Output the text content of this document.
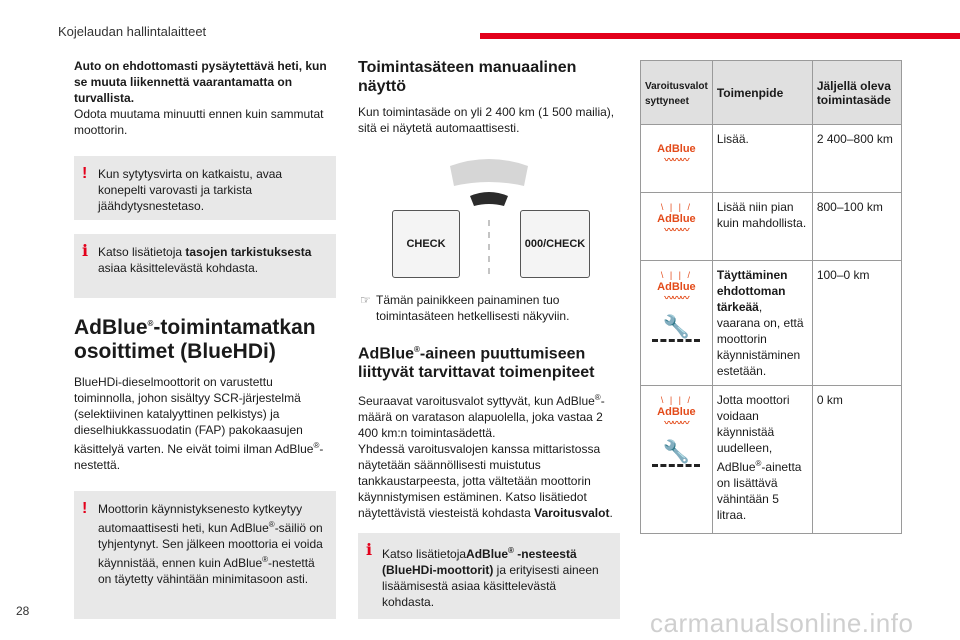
Kojelaudan hallintalaitteet

Auto on ehdottomasti pysäytettävä heti, kun se muuta liikennettä vaarantamatta on turvallista.

Odota muutama minuutti ennen kuin sammutat moottorin.

! Kun sytytysvirta on katkaistu, avaa konepelti varovasti ja tarkista jäähdytysnestetaso.
i Katso lisätietoja tasojen tarkistuksesta asiaa käsittelevästä kohdasta.
AdBlue®-toimintamatkan osoittimet (BlueHDi)

BlueHDi-dieselmoottorit on varustettu toiminnolla, johon sisältyy SCR-järjestelmä (selektiivinen katalyyttinen pelkistys) ja dieselhiukkassuodatin (FAP) pakokaasujen käsittelyä varten. Ne eivät toimi ilman AdBlue®-nestettä.

! Moottorin käynnistyksenesto kytkeytyy automaattisesti heti, kun AdBlue®-säiliö on tyhjentynyt. Sen jälkeen moottoria ei voida käynnistää, ennen kuin AdBlue®-nestettä on täytetty vähintään minimitasoon asti.
Toimintasäteen manuaalinen näyttö

Kun toimintasäde on yli 2 400 km (1 500 mailia), sitä ei näytetä automaattisesti.

CHECK	000/CHECK
☞ Tämän painikkeen painaminen tuo toimintasäteen hetkellisesti näkyviin.
AdBlue®-aineen puuttumiseen liittyvät tarvittavat toimenpiteet

Seuraavat varoitusvalot syttyvät, kun AdBlue®-määrä on varatason alapuolella, joka vastaa 2 400 km:n toimintasädettä.
Yhdessä varoitusvalojen kanssa mittaristossa näytetään säännöllisesti muistutus tankkaustarpeesta, jotta vältetään moottorin käynnistymisen estäminen. Katso lisätiedot näytettävistä viesteistä kohdasta Varoitusvalot.

i Katso lisätietojaAdBlue® -nesteestä (BlueHDi-moottorit) ja erityisesti aineen lisäämisestä asiaa käsittelevästä kohdasta.
Varoitusvalot syttyneet	Toimenpide	Jäljellä oleva toimintasäde
AdBlue
〰〰〰	Lisää.	2 400–800 km

\ | | /
AdBlue
〰〰〰	Lisää niin pian kuin mahdollista.	800–100 km

\ | | /
AdBlue
〰〰〰
🔧	Täyttäminen ehdottoman tärkeää, vaarana on, että moottorin käynnistäminen estetään.	100–0 km

\ | | /
AdBlue
〰〰〰
🔧	Jotta moottori voidaan käynnistää uudelleen, AdBlue®-ainetta on lisättävä vähintään 5 litraa.	0 km
28	carmanualsonline.info
